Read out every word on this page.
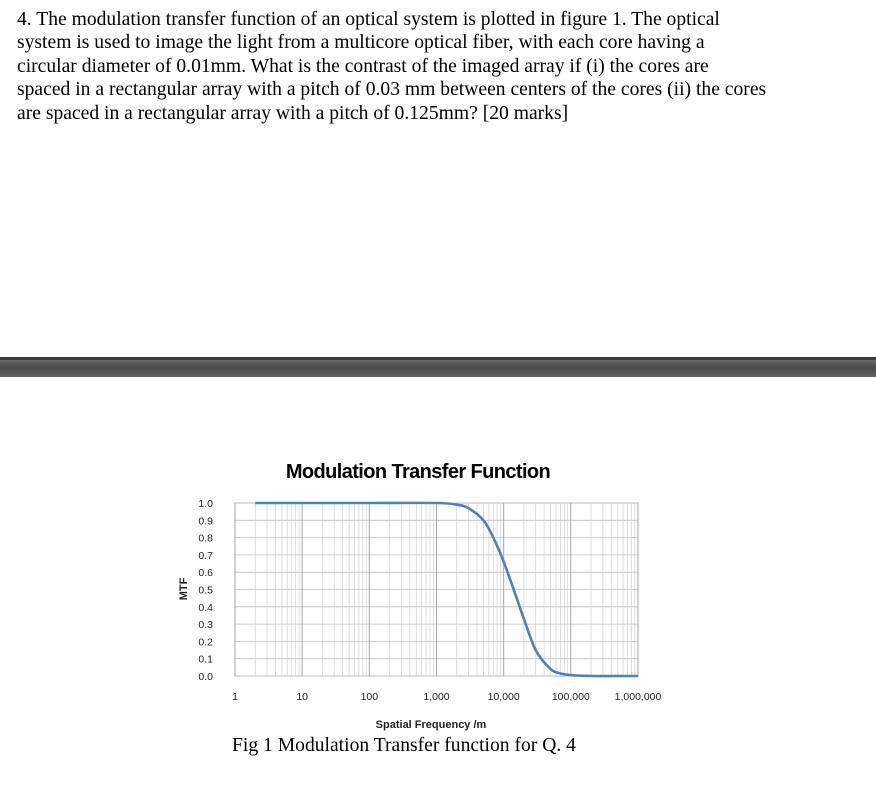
4. The modulation transfer function of an optical system is plotted in figure 1. The optical
system is used to image the light from a multicore optical fiber, with each core having a
circular diameter of 0.01mm. What is the contrast of the imaged array if (i) the cores are
spaced in a rectangular array with a pitch of 0.03 mm between centers of the cores (ii) the cores
are spaced in a rectangular array with a pitch of 0.125mm? [20 marks]
Modulation Transfer Function
0.0
0.1
0.2
0.3
0.4
0.5
0.6
0.7
0.8
0.9
1.0
1	10	100	1,000	10,000	100,000 1,000,000
MTF
Spatial Frequency /m
Fig 1 Modulation Transfer function for Q. 4
